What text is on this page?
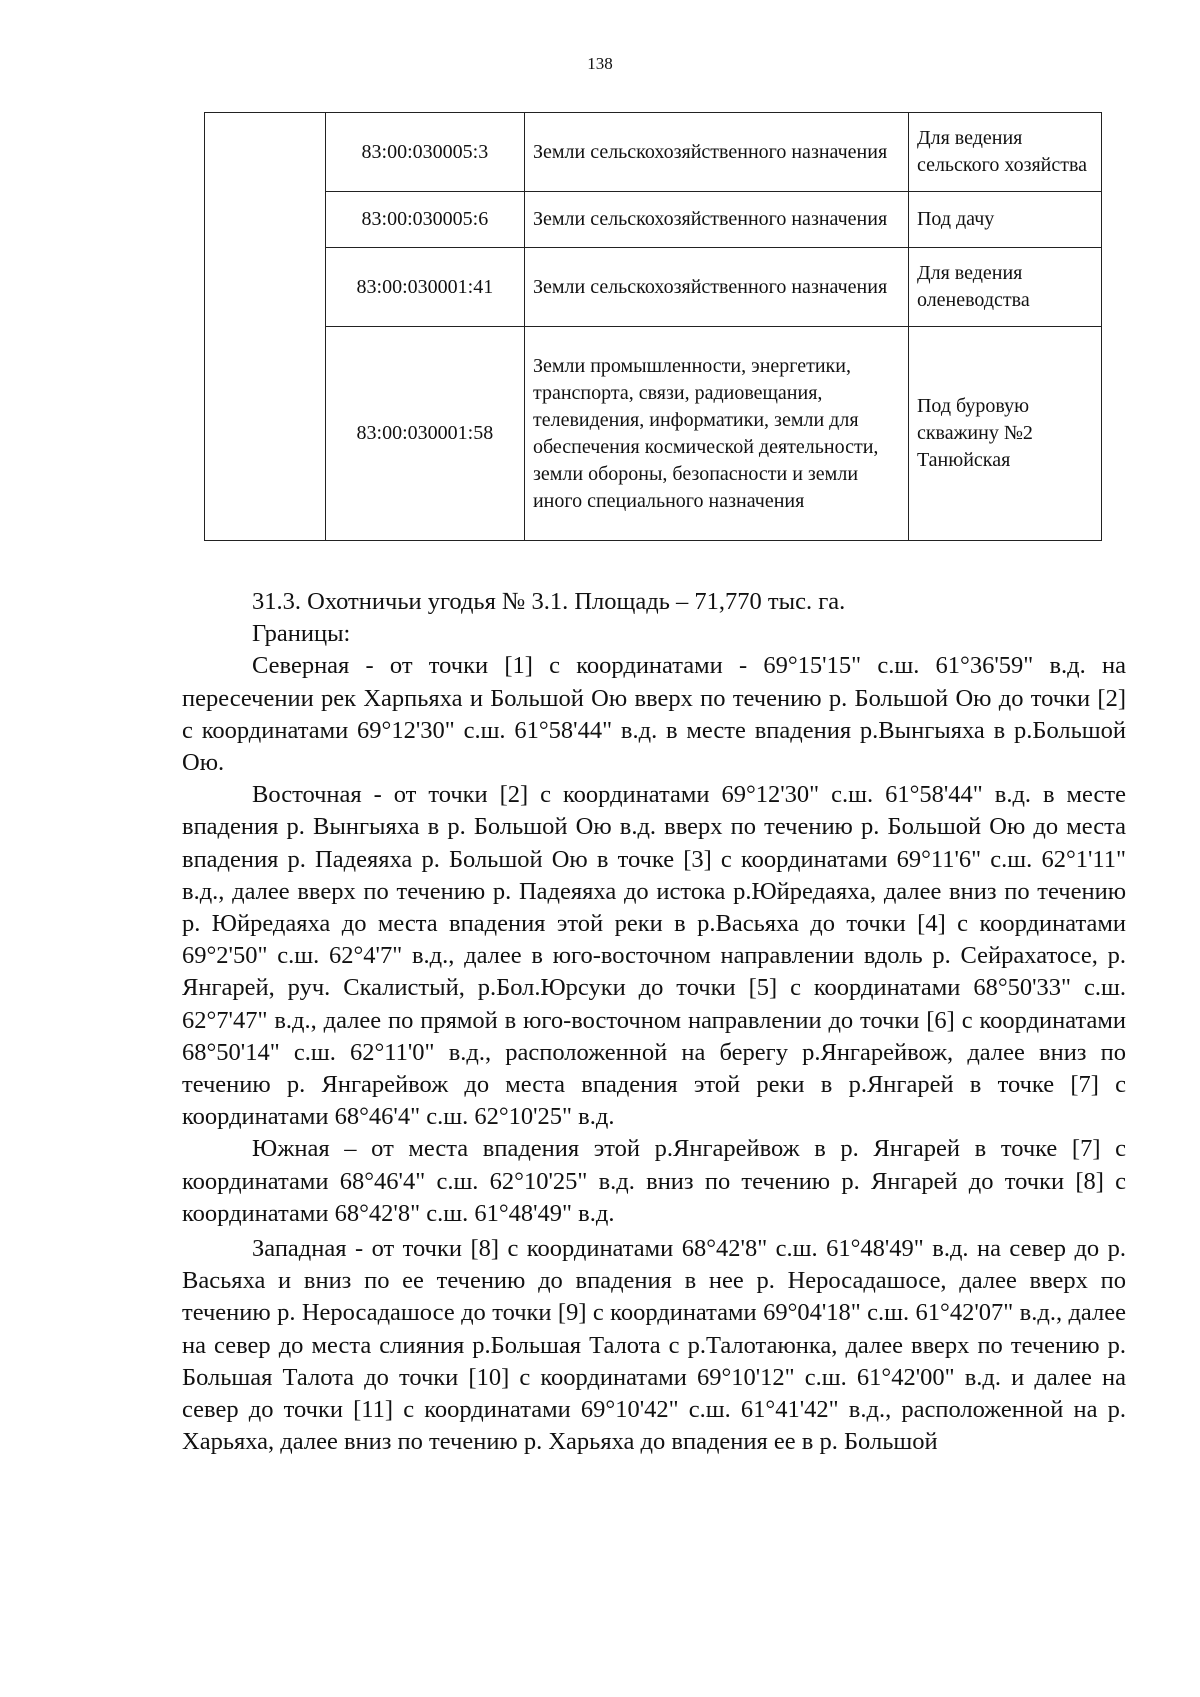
138
	83:00:030005:3	Земли сельскохозяйственного назначения	Для ведения сельского хозяйства
	83:00:030005:6	Земли сельскохозяйственного назначения	Под дачу
	83:00:030001:41	Земли сельскохозяйственного назначения	Для ведения оленеводства
	83:00:030001:58	Земли промышленности, энергетики, транспорта, связи, радиовещания, телевидения, информатики, земли для обеспечения космической деятельности, земли обороны, безопасности и земли иного специального назначения	Под буровую скважину №2 Танюйская

31.3. Охотничьи угодья № 3.1. Площадь – 71,770 тыс. га.

Границы:

Северная - от точки [1] с координатами - 69°15'15" с.ш. 61°36'59" в.д. на пересечении рек Харпьяха и Большой Ою вверх по течению р. Большой Ою до точки [2] с координатами 69°12'30" с.ш. 61°58'44" в.д. в месте впадения р.Вынгыяха в р.Большой Ою.

Восточная - от точки [2] с координатами 69°12'30" с.ш. 61°58'44" в.д. в месте впадения р. Вынгыяха в р. Большой Ою в.д. вверх по течению р. Большой Ою до места впадения р. Падеяяха р. Большой Ою в точке [3] с координатами 69°11'6" с.ш. 62°1'11" в.д., далее вверх по течению р. Падеяяха до истока р.Юйредаяха, далее вниз по течению р. Юйредаяха до места впадения этой реки в р.Васьяха до точки [4] с координатами 69°2'50" с.ш. 62°4'7" в.д., далее в юго-восточном направлении вдоль р. Сейрахатосе, р. Янгарей, руч. Скалистый, р.Бол.Юрсуки до точки [5] с координатами 68°50'33" с.ш. 62°7'47" в.д., далее по прямой в юго-восточном направлении до точки [6] с координатами 68°50'14" с.ш. 62°11'0" в.д., расположенной на берегу р.Янгарейвож, далее вниз по течению р. Янгарейвож до места впадения этой реки в р.Янгарей в точке [7] с координатами 68°46'4" с.ш. 62°10'25" в.д.

Южная – от места впадения этой р.Янгарейвож в р. Янгарей в точке [7] с координатами 68°46'4" с.ш. 62°10'25" в.д. вниз по течению р. Янгарей до точки [8] с координатами 68°42'8" с.ш. 61°48'49" в.д.

Западная - от точки [8] с координатами 68°42'8" с.ш. 61°48'49" в.д. на север до р. Васьяха и вниз по ее течению до впадения в нее р. Неросадашосе, далее вверх по течению р. Неросадашосе до точки [9] с координатами 69°04'18" с.ш. 61°42'07" в.д., далее на север до места слияния р.Большая Талота с р.Талотаюнка, далее вверх по течению р. Большая Талота до точки [10] с координатами 69°10'12" с.ш. 61°42'00" в.д. и далее на север до точки [11] с координатами 69°10'42" с.ш. 61°41'42" в.д., расположенной на р. Харьяха, далее вниз по течению р. Харьяха до впадения ее в р. Большой
